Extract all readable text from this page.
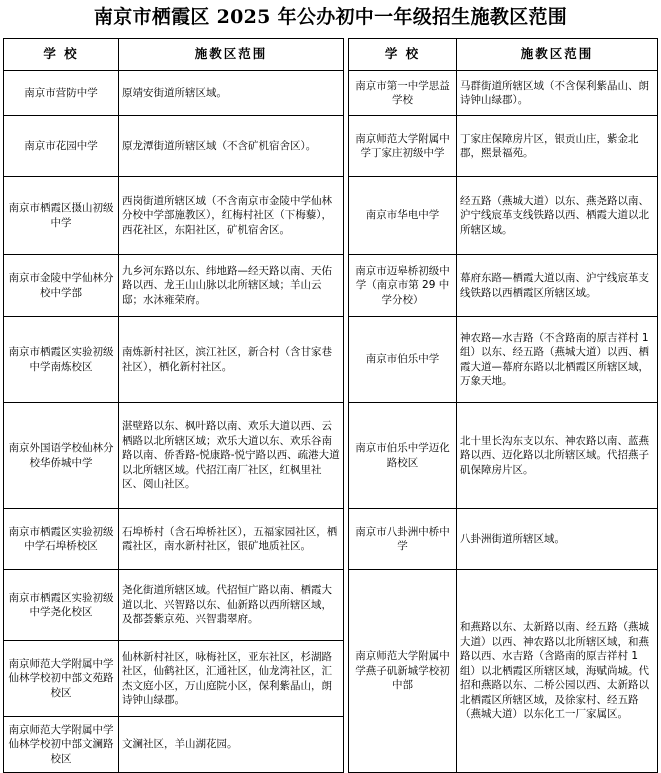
南京市栖霞区 2025 年公办初中一年级招生施教区范围
学 校	施教区范围
南京市营防中学	原靖安街道所辖区域。
南京市花园中学	原龙潭街道所辖区域（不含矿机宿舍区）。
南京市栖霞区摄山初级中学	西岗街道所辖区域（不含南京市金陵中学仙林分校中学部施教区），红梅村社区（下梅藜），西花社区，东阳社区，矿机宿舍区。
南京市金陵中学仙林分校中学部	九乡河东路以东、纬地路—经天路以南、天佑路以西、龙王山山脉以北所辖区域；羊山云邸；水沐雍荣府。
南京市栖霞区实验初级中学南炼校区	南炼新村社区，滨江社区，新合村（含甘家巷社区），栖化新村社区。
南京外国语学校仙林分校华侨城中学	湛壁路以东、枫叶路以南、欢乐大道以西、云栖路以北所辖区域；欢乐大道以东、欢乐谷南路以南、侨香路-悦康路-悦宁路以西、疏港大道以北所辖区域。代招江南厂社区，红枫里社区、阅山社区。
南京市栖霞区实验初级中学石埠桥校区	石埠桥村（含石埠桥社区），五福家园社区，栖霞社区，南水新村社区，银矿地质社区。
南京市栖霞区实验初级中学尧化校区	尧化街道所辖区域。代招恒广路以南、栖霞大道以北、兴智路以东、仙新路以西所辖区域，及都荟紫京苑、兴智翡翠府。
南京师范大学附属中学仙林学校初中部文苑路校区	仙林新村社区，咏梅社区，亚东社区，杉湖路社区，仙鹤社区，汇通社区，仙龙湾社区，汇杰文庭小区，万山庭院小区，保利紫晶山，朗诗钟山绿郡。
南京师范大学附属中学仙林学校初中部文澜路校区	文澜社区，羊山湖花园。
学 校	施教区范围
南京市第一中学思益学校	马群街道所辖区域（不含保利紫晶山、朗诗钟山绿郡）。
南京师范大学附属中学丁家庄初级中学	丁家庄保障房片区，银贡山庄，紫金北郡，熙景福苑。
南京市华电中学	经五路（燕城大道）以东、燕尧路以南、沪宁线宸革支线铁路以西、栖霞大道以北所辖区域。
南京市迈皋桥初级中学（南京市第 29 中学分校）	幕府东路—栖霞大道以南、沪宁线宸革支线铁路以西栖霞区所辖区域。
南京市伯乐中学	神农路—水吉路（不含路南的原吉祥村 1 组）以东、经五路（燕城大道）以西、栖霞大道—幕府东路以北栖霞区所辖区域，万象天地。
南京市伯乐中学迈化路校区	北十里长沟东支以东、神农路以南、蓝燕路以西、迈化路以北所辖区域。代招燕子矶保障房片区。
南京市八卦洲中桥中学	八卦洲街道所辖区域。
南京师范大学附属中学燕子矶新城学校初中部	和燕路以东、太新路以南、经五路（燕城大道）以西、神农路以北所辖区域，和燕路以西、水吉路（含路南的原吉祥村 1 组）以北栖霞区所辖区域，海赋尚城。代招和燕路以东、二桥公园以西、太新路以北栖霞区所辖区域，及徐家村、经五路（燕城大道）以东化工一厂家属区。
